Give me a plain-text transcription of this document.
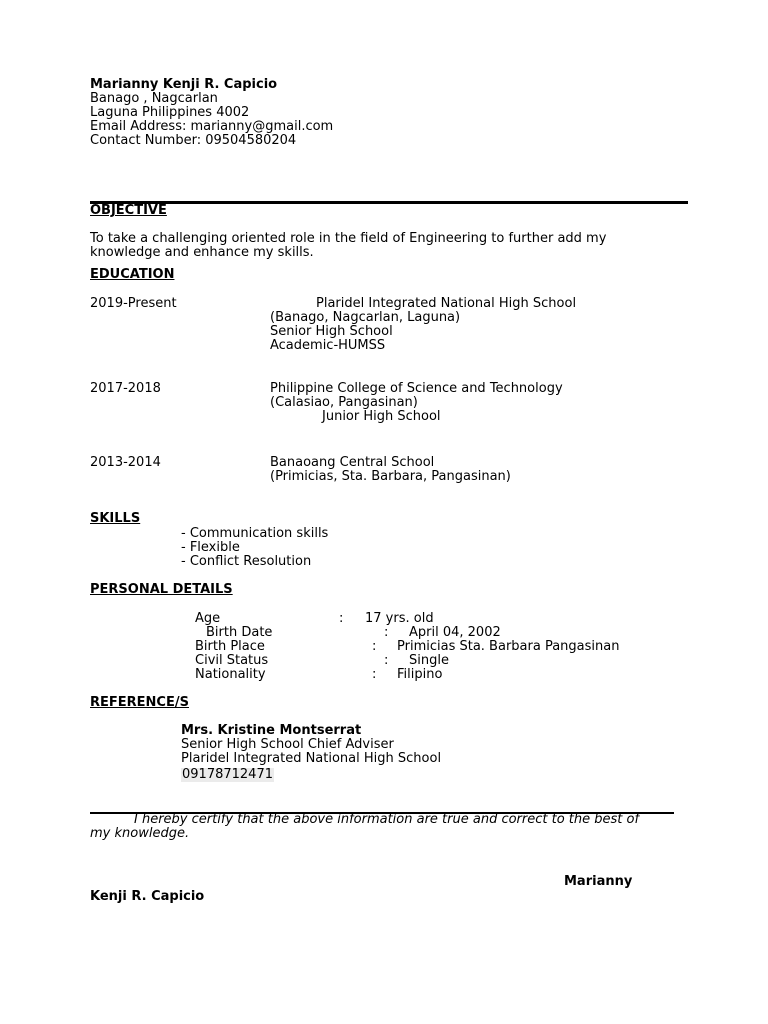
Marianny Kenji R. Capicio
Banago , Nagcarlan
Laguna Philippines 4002
Email Address: marianny@gmail.com
Contact Number: 09504580204
OBJECTIVE
To take a challenging oriented role in the field of Engineering to further add my
knowledge and enhance my skills.
EDUCATION
2019-Present	Plaridel Integrated National High School
(Banago, Nagcarlan, Laguna)
Senior High School
Academic-HUMSS
2017-2018	Philippine College of Science and Technology
(Calasiao, Pangasinan)
Junior High School
2013-2014	Banaoang Central School
(Primicias, Sta. Barbara, Pangasinan)
SKILLS
- Communication skills
- Flexible
- Conflict Resolution
PERSONAL DETAILS
Age	: 17 yrs. old
Birth Date	: April 04, 2002
Birth Place	: Primicias Sta. Barbara Pangasinan
Civil Status	: Single
Nationality	: Filipino
REFERENCE/S
Mrs. Kristine Montserrat
Senior High School Chief Adviser
Plaridel Integrated National High School
09178712471
I hereby certify that the above information are true and correct to the best of
my knowledge.
Marianny
Kenji R. Capicio
